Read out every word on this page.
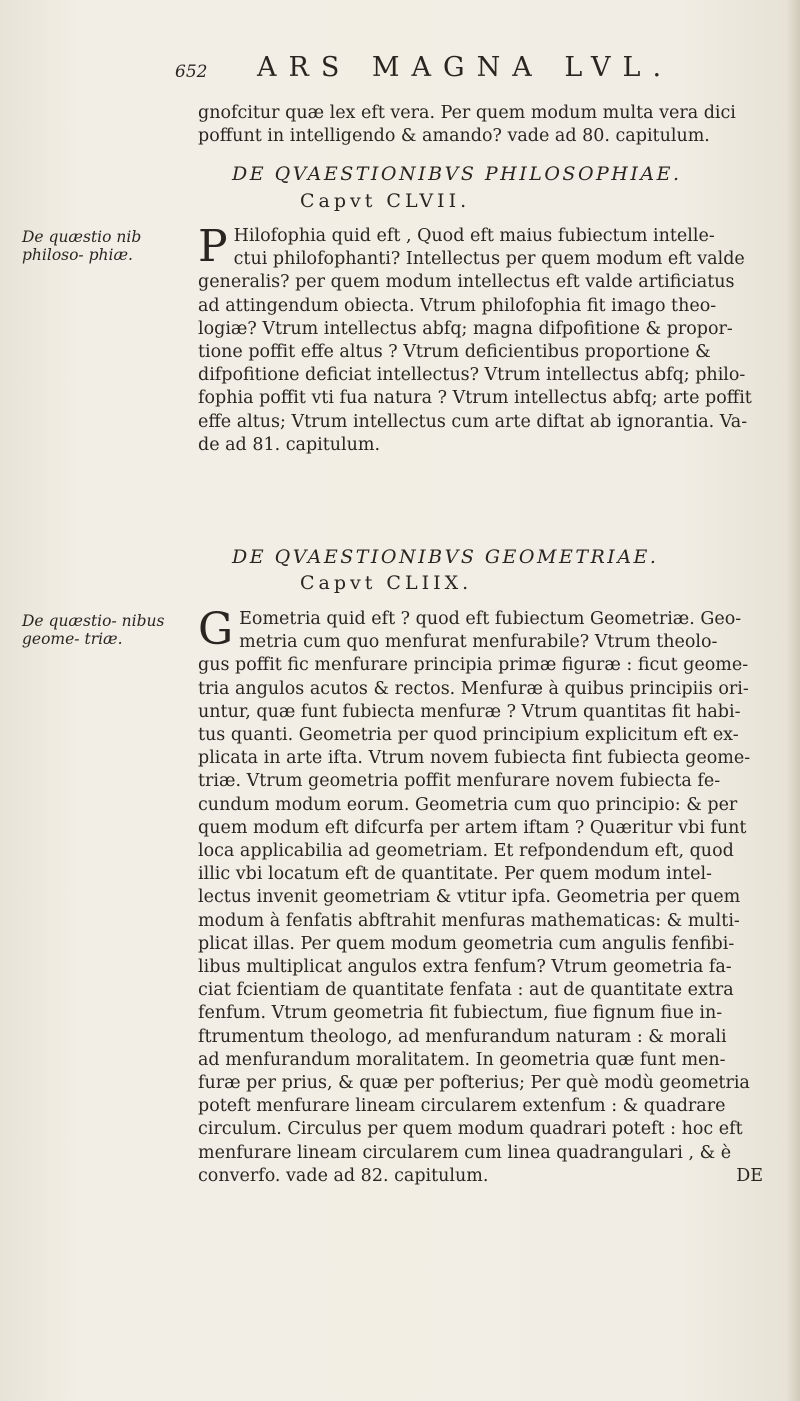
652 ARS MAGNA LVL.
gnofcitur quæ lex eft vera. Per quem modum multa vera dici
poffunt in intelligendo & amando? vade ad 80. capitulum.
DE QVAESTIONIBVS PHILOSOPHIAE.
Capvt CLVII.
De quæstio nib philoso- phiæ.	P Hilofophia quid eft , Quod eft maius fubiectum intelle-
ctui philofophanti? Intellectus per quem modum eft valde
generalis? per quem modum intellectus eft valde artificiatus
ad attingendum obiecta. Vtrum philofophia fit imago theo-
logiæ? Vtrum intellectus abfq; magna difpofitione & propor-
tione poffit effe altus ? Vtrum deficientibus proportione &
difpofitione deficiat intellectus? Vtrum intellectus abfq; philo-
fophia poffit vti fua natura ? Vtrum intellectus abfq; arte poffit
effe altus; Vtrum intellectus cum arte diftat ab ignorantia. Va-
de ad 81. capitulum.
DE QVAESTIONIBVS GEOMETRIAE.
Capvt CLIIX.
De quæstio- nibus geome- triæ.	G Eometria quid eft ? quod eft fubiectum Geometriæ. Geo-
metria cum quo menfurat menfurabile? Vtrum theolo-
gus poffit fic menfurare principia primæ figuræ : ficut geome-
tria angulos acutos & rectos. Menfuræ à quibus principiis ori-
untur, quæ funt fubiecta menfuræ ? Vtrum quantitas fit habi-
tus quanti. Geometria per quod principium explicitum eft ex-
plicata in arte ifta. Vtrum novem fubiecta fint fubiecta geome-
triæ. Vtrum geometria poffit menfurare novem fubiecta fe-
cundum modum eorum. Geometria cum quo principio: & per
quem modum eft difcurfa per artem iftam ? Quæritur vbi funt
loca applicabilia ad geometriam. Et refpondendum eft, quod
illic vbi locatum eft de quantitate. Per quem modum intel-
lectus invenit geometriam & vtitur ipfa. Geometria per quem
modum à fenfatis abftrahit menfuras mathematicas: & multi-
plicat illas. Per quem modum geometria cum angulis fenfibi-
libus multiplicat angulos extra fenfum? Vtrum geometria fa-
ciat fcientiam de quantitate fenfata : aut de quantitate extra
fenfum. Vtrum geometria fit fubiectum, fiue fignum fiue in-
ftrumentum theologo, ad menfurandum naturam : & morali
ad menfurandum moralitatem. In geometria quæ funt men-
furæ per prius, & quæ per pofterius; Per què modù geometria
poteft menfurare lineam circularem extenfum : & quadrare
circulum. Circulus per quem modum quadrari poteft : hoc eft
menfurare lineam circularem cum linea quadrangulari , & è
converfo. vade ad 82. capitulum.	DE
